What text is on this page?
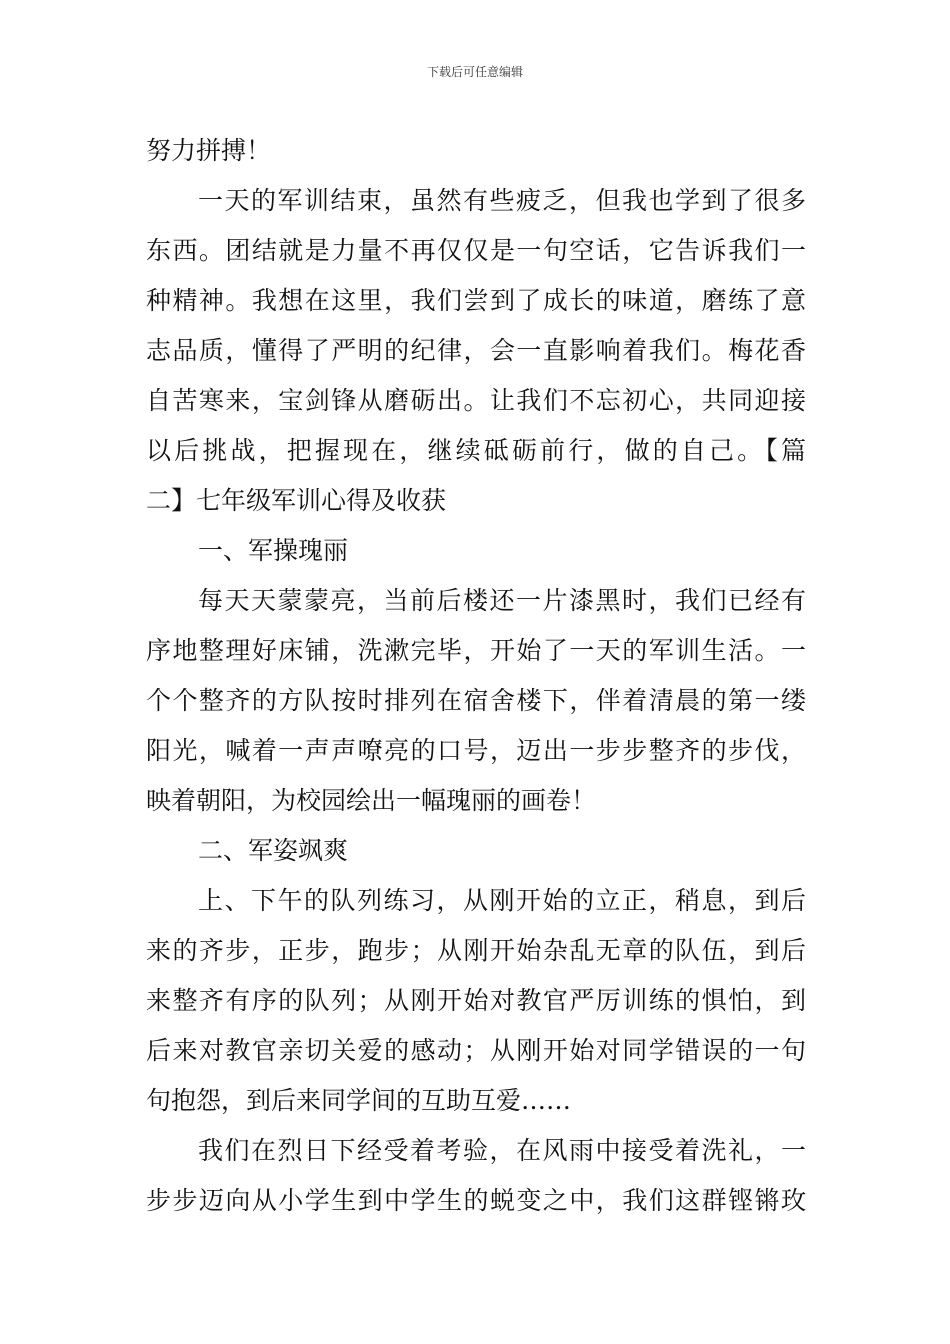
下载后可任意编辑
努力拼搏！
一天的军训结束，虽然有些疲乏，但我也学到了很多
东西。团结就是力量不再仅仅是一句空话，它告诉我们一
种精神。我想在这里，我们尝到了成长的味道，磨练了意
志品质，懂得了严明的纪律，会一直影响着我们。梅花香
自苦寒来，宝剑锋从磨砺出。让我们不忘初心，共同迎接
以后挑战，把握现在，继续砥砺前行，做的自己。【篇
二】七年级军训心得及收获
一、军操瑰丽
每天天蒙蒙亮，当前后楼还一片漆黑时，我们已经有
序地整理好床铺，洗漱完毕，开始了一天的军训生活。一
个个整齐的方队按时排列在宿舍楼下，伴着清晨的第一缕
阳光，喊着一声声嘹亮的口号，迈出一步步整齐的步伐，
映着朝阳，为校园绘出一幅瑰丽的画卷！
二、军姿飒爽
上、下午的队列练习，从刚开始的立正，稍息，到后
来的齐步，正步，跑步；从刚开始杂乱无章的队伍，到后
来整齐有序的队列；从刚开始对教官严厉训练的惧怕，到
后来对教官亲切关爱的感动；从刚开始对同学错误的一句
句抱怨，到后来同学间的互助互爱……
我们在烈日下经受着考验，在风雨中接受着洗礼，一
步步迈向从小学生到中学生的蜕变之中，我们这群铿锵玫
